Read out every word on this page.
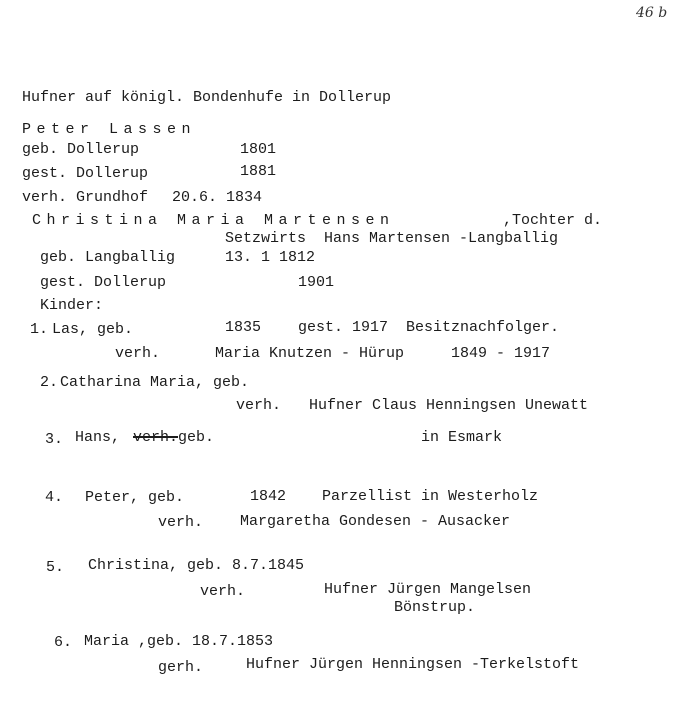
46 b
Hufner auf königl. Bondenhufe in Dollerup
Peter Lassen
geb. Dollerup	1801
gest. Dollerup	1881
verh. Grundhof 20.6. 1834
Christina Maria Martensen	,Tochter d.
Setzwirts  Hans Martensen -Langballig
geb. Langballig	13. 1 1812
gest. Dollerup	1901
Kinder:
1. Las, geb.	1835 gest. 1917  Besitznachfolger.
verh.	Maria Knutzen - Hürup	1849 - 1917
2. Catharina Maria, geb.
verh. Hufner Claus Henningsen Unewatt
3. Hans, verh. geb.	in Esmark
4. Peter, geb.	1842 Parzellist in Westerholz
verh. Margaretha Gondesen - Ausacker
5. Christina, geb. 8.7.1845
verh.	Hufner Jürgen Mangelsen
Bönstrup.
6. Maria ,geb. 18.7.1853
gerh.	Hufner Jürgen Henningsen -Terkelstoft
